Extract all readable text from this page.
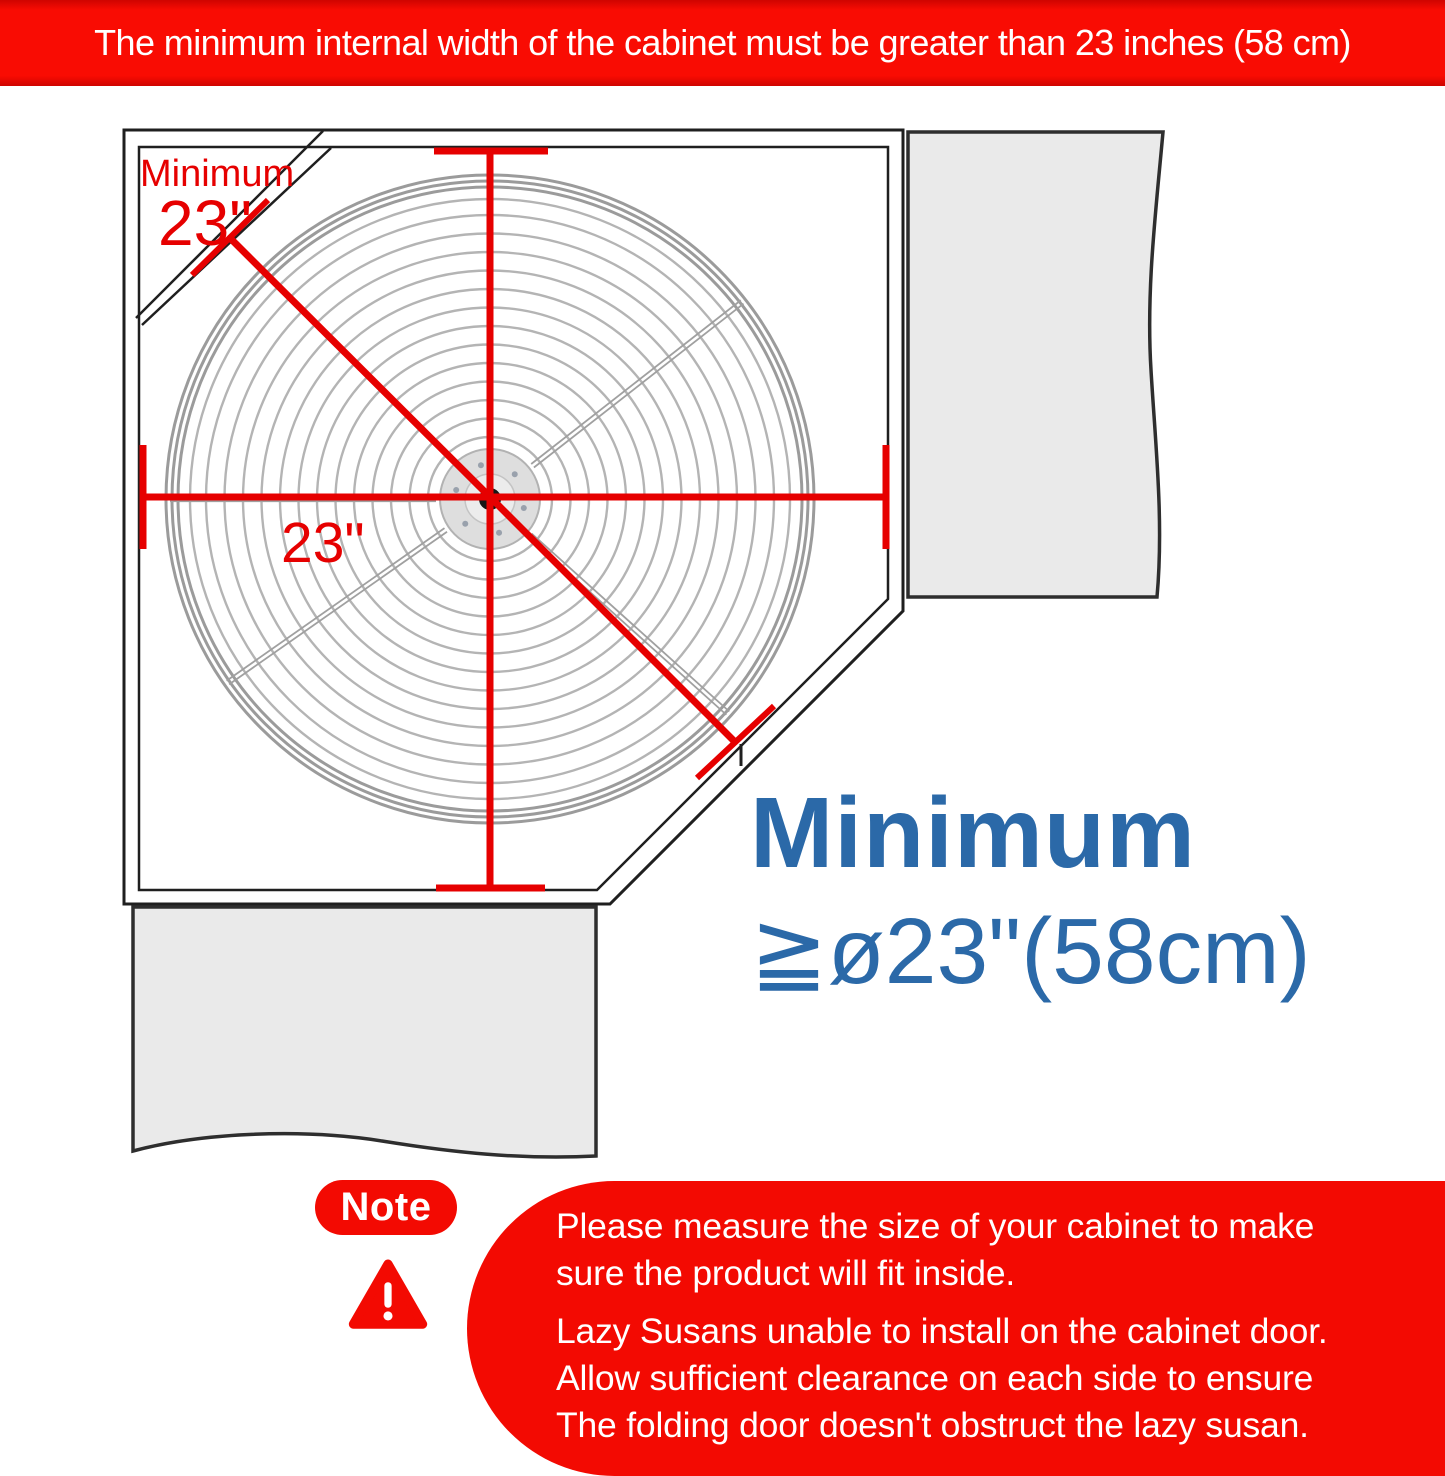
Minimum
23"
23"
The minimum internal width of the cabinet must be greater than 23 inches (58 cm)
Minimum
≧ø23"(58cm)
Note	Please measure the size of your cabinet to make
sure the product will fit inside.
Lazy Susans unable to install on the cabinet door.
Allow sufficient clearance on each side to ensure
The folding door doesn't obstruct the lazy susan.
